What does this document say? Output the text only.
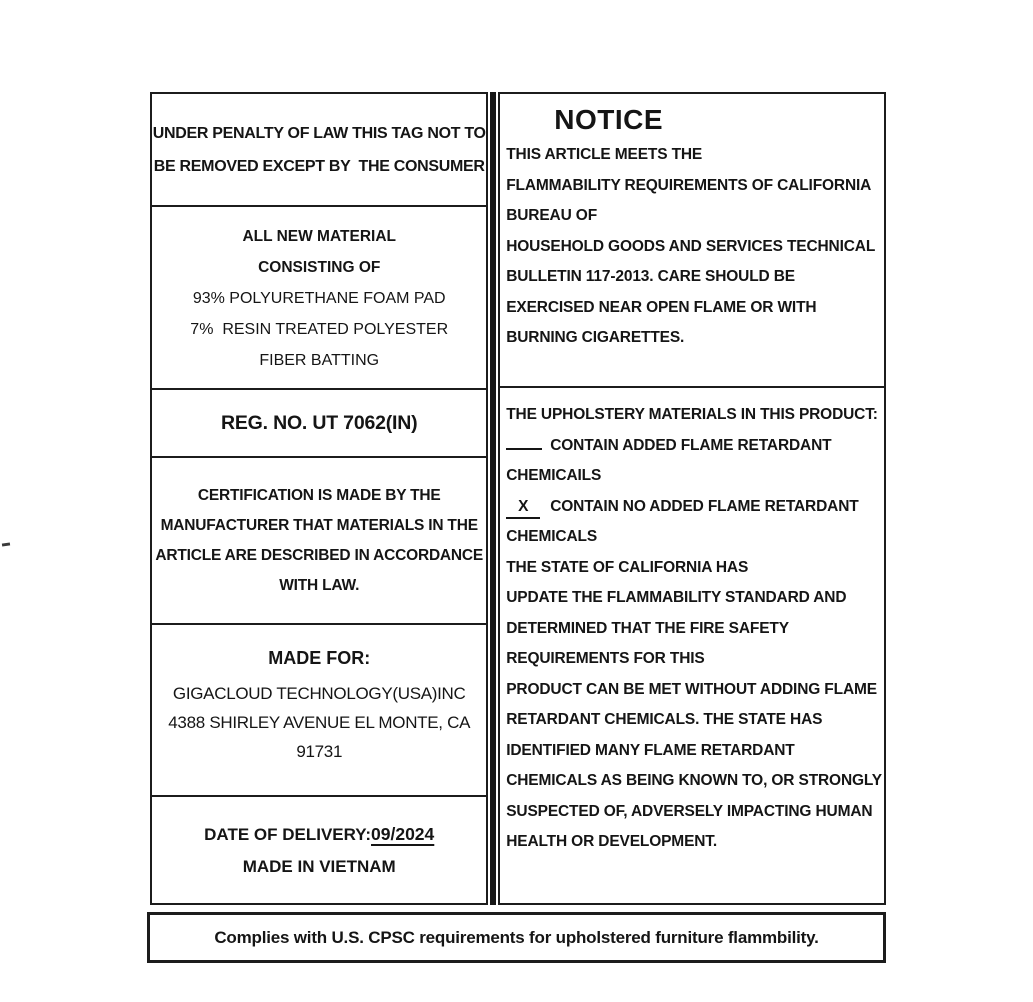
UNDER PENALTY OF LAW THIS TAG NOT TO
BE REMOVED EXCEPT BY  THE CONSUMER
ALL NEW MATERIAL
CONSISTING OF
93% POLYURETHANE FOAM PAD
7%  RESIN TREATED POLYESTER
FIBER BATTING
REG. NO. UT 7062(IN)
CERTIFICATION IS MADE BY THE
MANUFACTURER THAT MATERIALS IN THE
ARTICLE ARE DESCRIBED IN ACCORDANCE
WITH LAW.
MADE FOR:
GIGACLOUD TECHNOLOGY(USA)INC
4388 SHIRLEY AVENUE EL MONTE, CA
91731
DATE OF DELIVERY:09/2024
MADE IN VIETNAM
NOTICE
THIS ARTICLE MEETS THE
FLAMMABILITY REQUIREMENTS OF CALIFORNIA
BUREAU OF
HOUSEHOLD GOODS AND SERVICES TECHNICAL
BULLETIN 117-2013. CARE SHOULD BE
EXERCISED NEAR OPEN FLAME OR WITH
BURNING CIGARETTES.
THE UPHOLSTERY MATERIALS IN THIS PRODUCT:
CONTAIN ADDED FLAME RETARDANT
CHEMICAILS
X CONTAIN NO ADDED FLAME RETARDANT
CHEMICALS
THE STATE OF CALIFORNIA HAS
UPDATE THE FLAMMABILITY STANDARD AND
DETERMINED THAT THE FIRE SAFETY
REQUIREMENTS FOR THIS
PRODUCT CAN BE MET WITHOUT ADDING FLAME
RETARDANT CHEMICALS. THE STATE HAS
IDENTIFIED MANY FLAME RETARDANT
CHEMICALS AS BEING KNOWN TO, OR STRONGLY
SUSPECTED OF, ADVERSELY IMPACTING HUMAN
HEALTH OR DEVELOPMENT.
Complies with U.S. CPSC requirements for upholstered furniture flammbility.
